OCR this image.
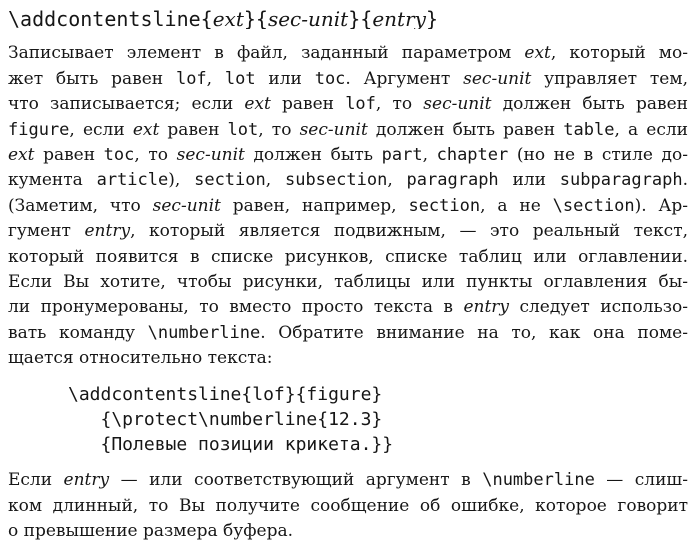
\addcontentsline{ext}{sec-unit}{entry}
Записывает элемент в файл, заданный параметром ext, который мо-
жет быть равен lof, lot или toc. Аргумент sec-unit управляет тем,
что записывается; если ext равен lof, то sec-unit должен быть равен
figure, если ext равен lot, то sec-unit должен быть равен table, а если
ext равен toc, то sec-unit должен быть part, chapter (но не в стиле до-
кумента article), section, subsection, paragraph или subparagraph.
(Заметим, что sec-unit равен, например, section, а не \section). Ар-
гумент entry, который является подвижным, — это реальный текст,
который появится в списке рисунков, списке таблиц или оглавлении.
Если Вы хотите, чтобы рисунки, таблицы или пункты оглавления бы-
ли пронумерованы, то вместо просто текста в entry следует использо-
вать команду \numberline. Обратите внимание на то, как она поме-
щается относительно текста:
\addcontentsline{lof}{figure}
{\protect\numberline{12.3}
{Полевые позиции крикета.}}
Если entry — или соответствующий аргумент в \numberline — слиш-
ком длинный, то Вы получите сообщение об ошибке, которое говорит
о превышение размера буфера.
